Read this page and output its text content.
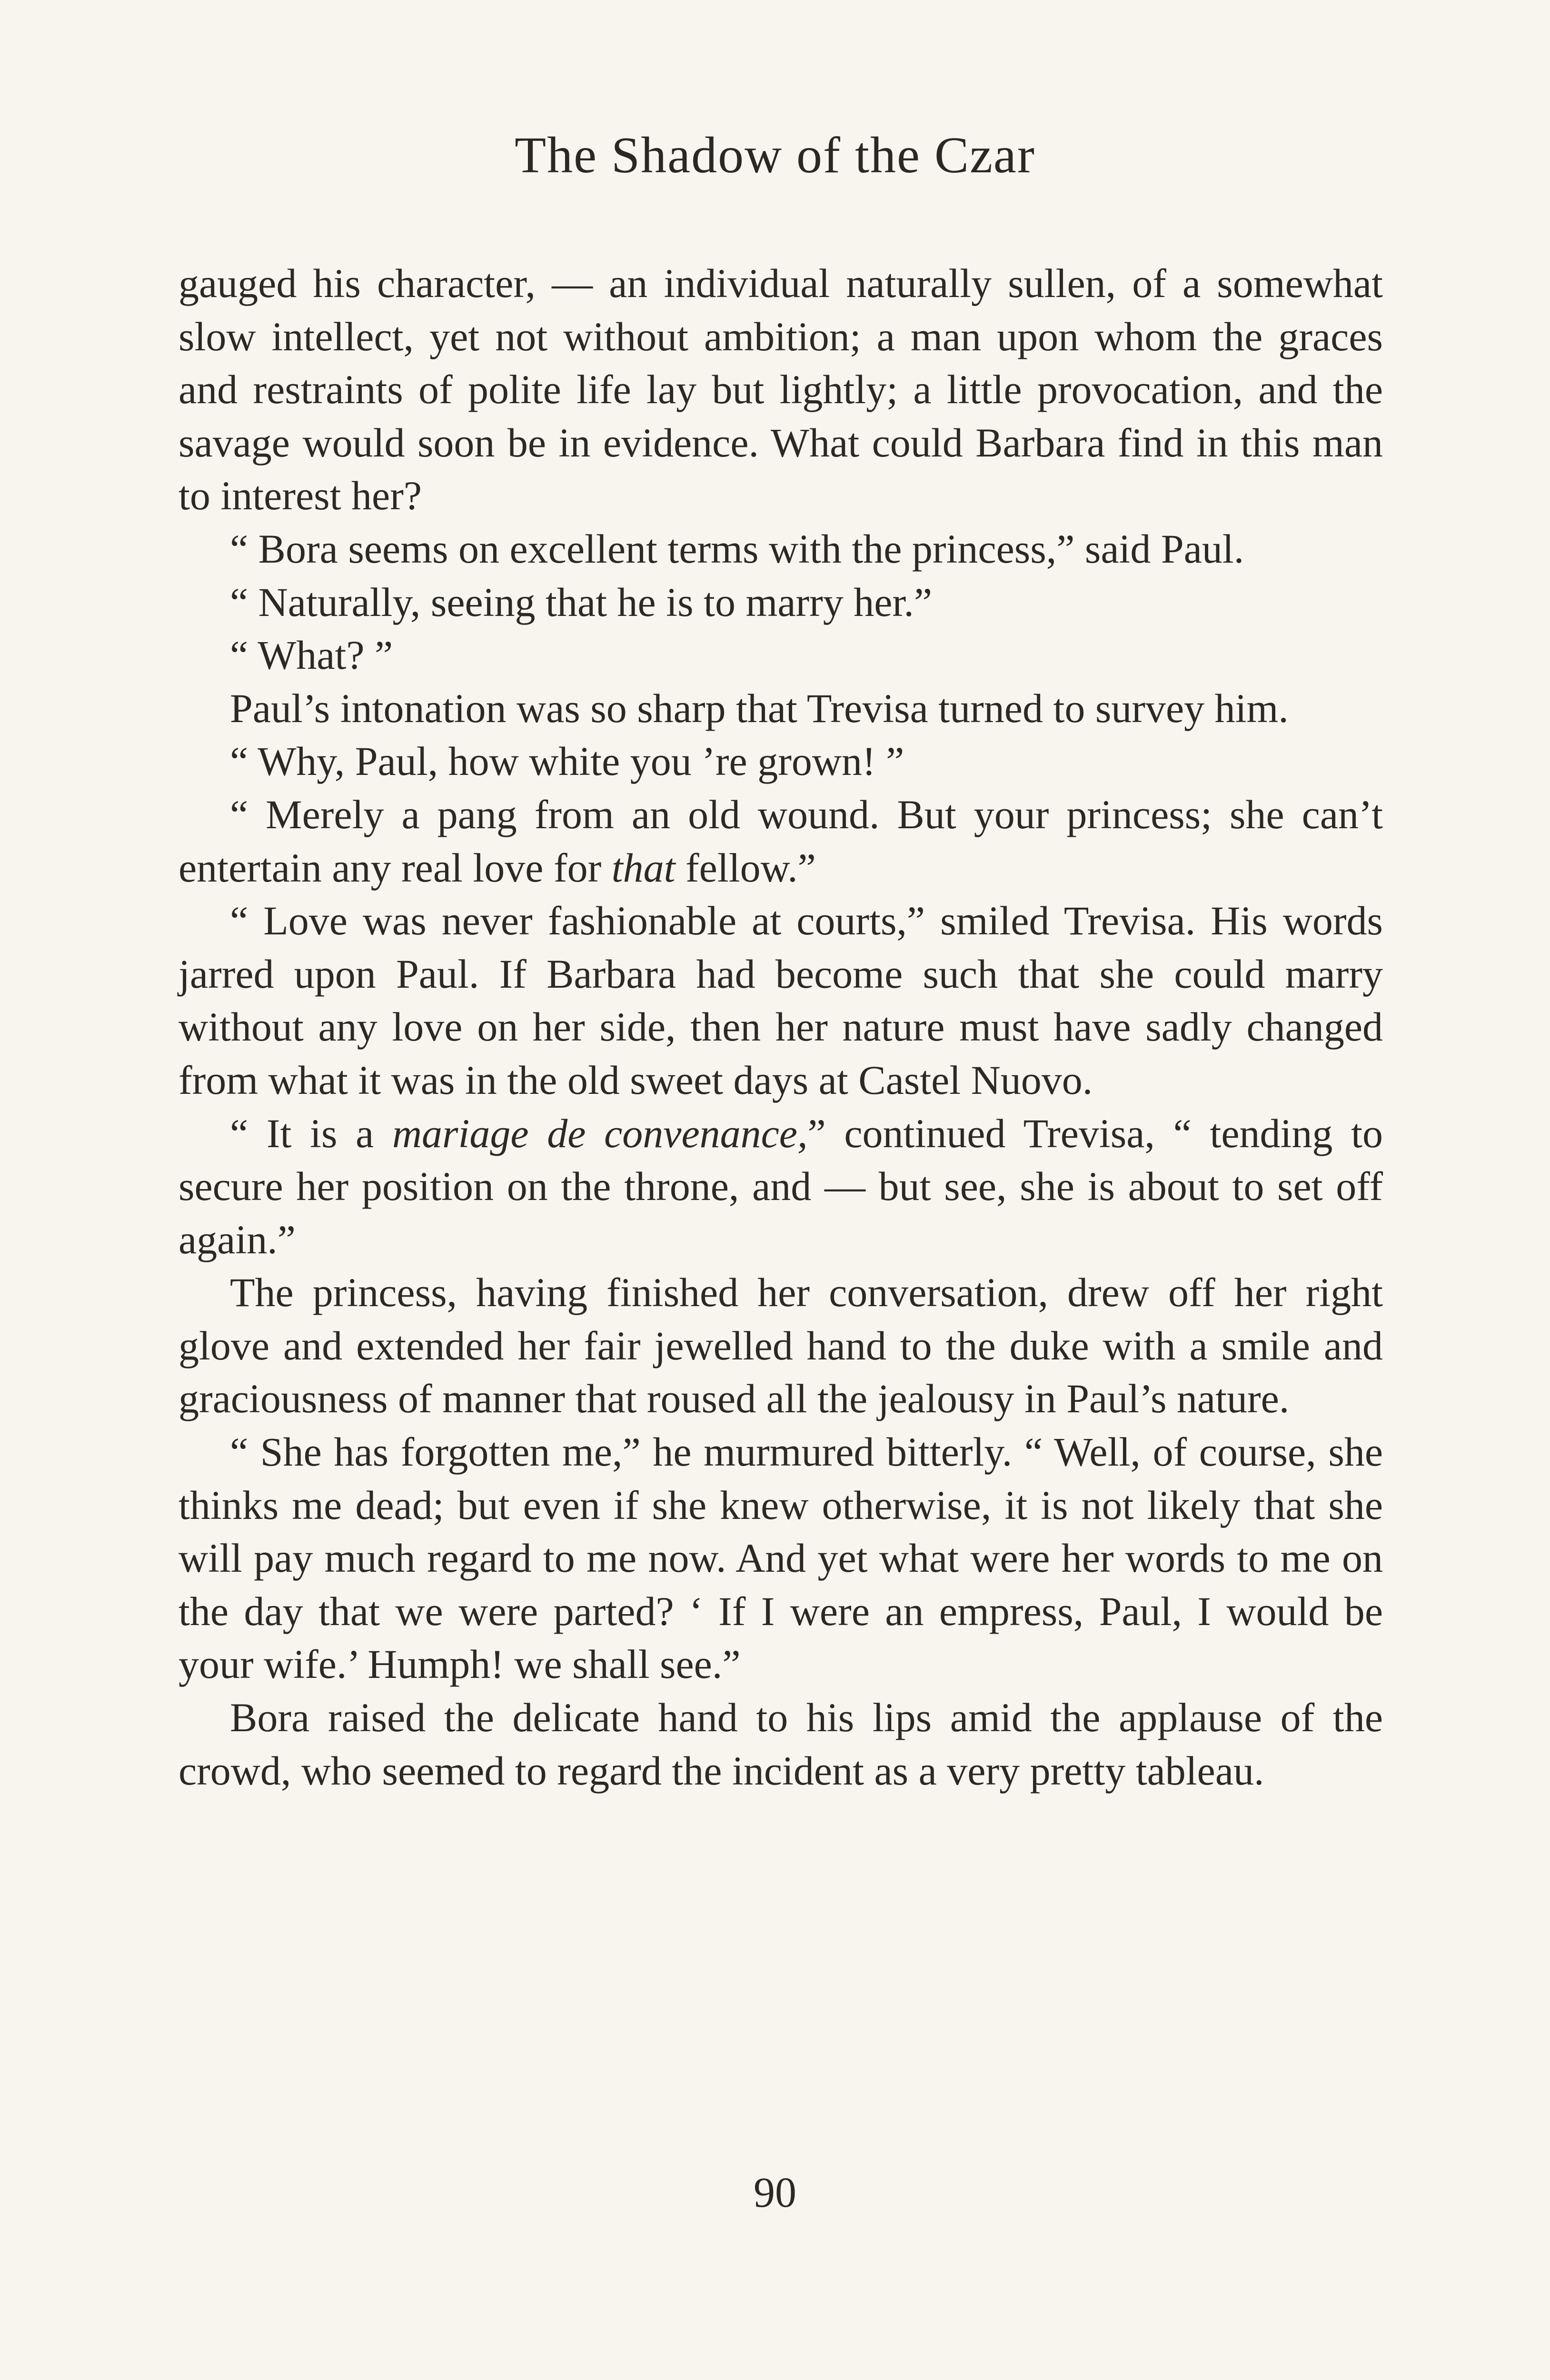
The Shadow of the Czar

gauged his character, — an individual naturally sullen, of a somewhat slow intellect, yet not without ambition; a man upon whom the graces and restraints of polite life lay but lightly; a little provocation, and the savage would soon be in evidence. What could Barbara find in this man to interest her?

“ Bora seems on excellent terms with the princess,” said Paul.

“ Naturally, seeing that he is to marry her.”

“ What? ”

Paul’s intonation was so sharp that Trevisa turned to survey him.

“ Why, Paul, how white you ’re grown! ”

“ Merely a pang from an old wound. But your princess; she can’t entertain any real love for that fellow.”

“ Love was never fashionable at courts,” smiled Trevisa. His words jarred upon Paul. If Barbara had become such that she could marry without any love on her side, then her nature must have sadly changed from what it was in the old sweet days at Castel Nuovo.

“ It is a mariage de convenance,” continued Trevisa, “ tending to secure her position on the throne, and — but see, she is about to set off again.”

The princess, having finished her conversation, drew off her right glove and extended her fair jewelled hand to the duke with a smile and graciousness of manner that roused all the jealousy in Paul’s nature.

“ She has forgotten me,” he murmured bitterly. “ Well, of course, she thinks me dead; but even if she knew otherwise, it is not likely that she will pay much regard to me now. And yet what were her words to me on the day that we were parted? ‘ If I were an empress, Paul, I would be your wife.’ Humph! we shall see.”

Bora raised the delicate hand to his lips amid the applause of the crowd, who seemed to regard the incident as a very pretty tableau.

90
